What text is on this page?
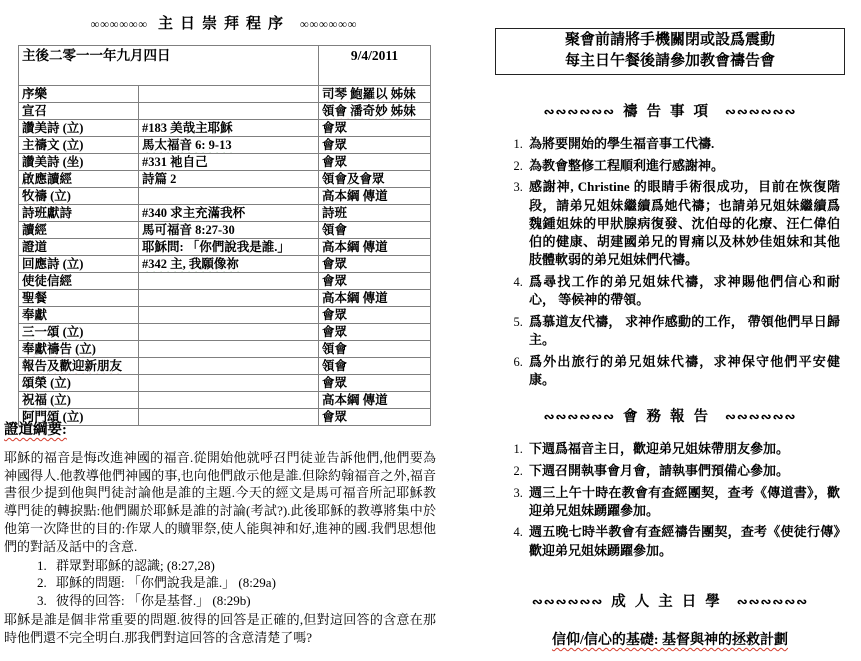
∞∞∞∞∞∞ 主日崇拜程序 ∞∞∞∞∞∞
主後二零一一年九月四日		9/4/2011
序樂		司琴 鮑羅以 姊妹
宣召		領會 潘奇妙 姊妹
讚美詩 (立)	#183 美哉主耶穌	會眾
主禱文 (立)	馬太福音 6: 9-13	會眾
讚美詩 (坐)	#331 祂自己	會眾
啟應讀經	詩篇 2	領會及會眾
牧禱 (立)		高本綱 傳道
詩班獻詩	#340 求主充滿我杯	詩班
讀經	馬可福音 8:27-30	領會
證道	耶穌問: 「你們說我是誰.」	高本綱 傳道
回應詩 (立)	#342 主, 我願像祢	會眾
使徒信經		會眾
聖餐		高本綱 傳道
奉獻		會眾
三一頌 (立)		會眾
奉獻禱告 (立)		領會
報告及歡迎新朋友		領會
頌榮 (立)		會眾
祝福 (立)		高本綱 傳道
阿門頌 (立)		會眾
證道綱要:

耶穌的福音是悔改進神國的福音.從開始他就呼召門徒並告訴他們,他們要為神國得人.他教導他們神國的事,也向他們啟示他是誰.但除約翰福音之外,福音書很少提到他與門徒討論他是誰的主題.今天的經文是馬可福音所記耶穌教導門徒的轉捩點:他們關於耶穌是誰的討論(考試?).此後耶穌的教導將集中於他第一次降世的目的:作眾人的贖罪祭,使人能與神和好,進神的國.我們思想他們的對話及話中的含意.

1. 群眾對耶穌的認識; (8:27,28)
2. 耶穌的問題: 「你們說我是誰.」 (8:29a)
3. 彼得的回答: 「你是基督.」 (8:29b)

耶穌是誰是個非常重要的問題.彼得的回答是正確的,但對這回答的含意在那時他們還不完全明白.那我們對這回答的含意清楚了嗎?

聚會前請將手機關閉或設爲震動
每主日午餐後請參加教會禱告會
∾∾∾∾∾∾ 禱告事項 ∾∾∾∾∾∾
1. 為將要開始的學生福音事工代禱.
2. 為教會整修工程順利進行感謝神。
3. 感謝神, Christine 的眼睛手術很成功，目前在恢復階段，請弟兄姐妹繼續爲她代禱；也請弟兄姐妹繼續爲魏鍾姐妹的甲狀腺病復發、沈伯母的化療、汪仁偉伯伯的健康、胡建國弟兄的胃痛以及林妙佳姐妹和其他肢體軟弱的弟兄姐妹們代禱。
4. 爲尋找工作的弟兄姐妹代禱，求神賜他們信心和耐心， 等候神的帶領。
5. 爲慕道友代禱， 求神作感動的工作， 帶領他們早日歸主。
6. 爲外出旅行的弟兄姐妹代禱，求神保守他們平安健康。
∾∾∾∾∾∾ 會務報告 ∾∾∾∾∾∾
1. 下週爲福音主日，歡迎弟兄姐妹帶朋友參加。
2. 下週召開執事會月會，請執事們預備心參加。
3. 週三上午十時在教會有查經團契，查考《傳道書》，歡迎弟兄姐妹踴躍參加。
4. 週五晚七時半教會有查經禱告團契，查考《使徒行傳》歡迎弟兄姐妹踴躍參加。
∾∾∾∾∾∾ 成人主日學 ∾∾∾∾∾∾
信仰/信心的基礎: 基督與神的拯救計劃
